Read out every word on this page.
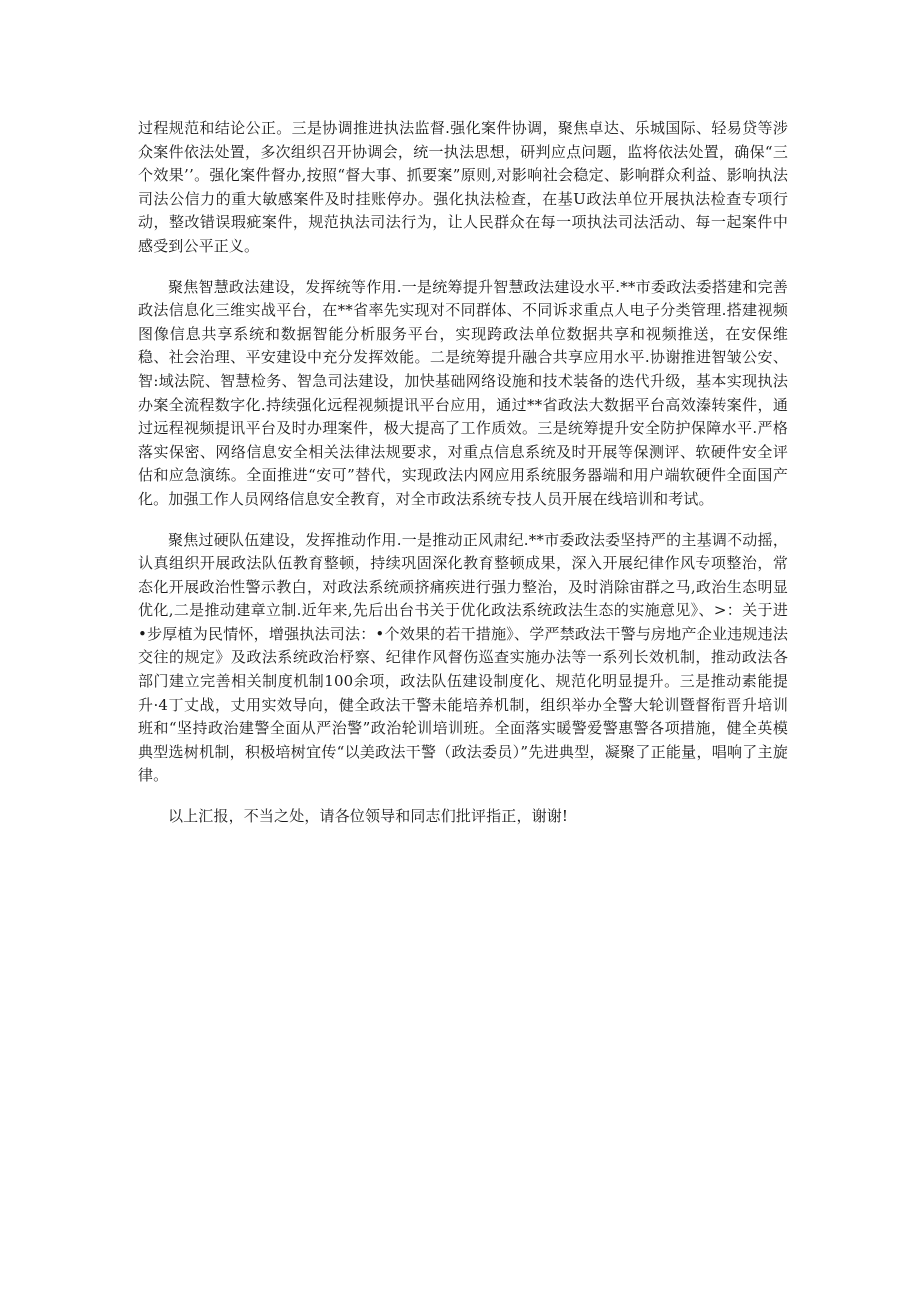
过程规范和结论公正。三是协调推进执法监督.强化案件协调，聚焦卓达、乐城国际、轻易贷等涉众案件依法处置，多次组织召开协调会，统一执法思想，研判应点问题，监将依法处置，确保“三个效果’’。强化案件督办,按照“督大事、抓要案”原则,对影响社会稳定、影响群众利益、影响执法司法公信力的重大敏感案件及时挂账停办。强化执法检查，在基U政法单位开展执法检查专项行动，整改错误瑕疵案件，规范执法司法行为，让人民群众在每一项执法司法活动、每一起案件中感受到公平正义。

聚焦智慧政法建设，发挥统等作用.一是统筹提升智慧政法建设水平.**市委政法委搭建和完善政法信息化三维实战平台，在**省率先实现对不同群体、不同诉求重点人电子分类管理.搭建视频图像信息共享系统和数据智能分析服务平台，实现跨政法单位数据共享和视频推送，在安保维稳、社会治理、平安建设中充分发挥效能。二是统筹提升融合共享应用水平.协谢推进智皱公安、智:域法院、智慧检务、智急司法建设，加快基础网络设施和技术装备的迭代升级，基本实现执法办案全流程数字化.持续强化远程视频提讯平台应用，通过**省政法大数据平台高效溱转案件，通过远程视频提讯平台及时办理案件，极大提高了工作质效。三是统筹提升安全防护保障水平.严格落实保密、网络信息安全相关法律法规要求，对重点信息系统及时开展等保测评、软硬件安全评估和应急演练。全面推进“安可”替代，实现政法内网应用系统服务器端和用户端软硬件全面国产化。加强工作人员网络信息安全教育，对全市政法系统专技人员开展在线培训和考试。

聚焦过硬队伍建设，发挥推动作用.一是推动正风肃纪.**市委政法委坚持严的主基调不动摇，认真组织开展政法队伍教育整顿，持续巩固深化教育整顿成果，深入开展纪律作风专项整治，常态化开展政治性警示教白，对政法系统顽挤痛疾进行强力整治，及时消除宙群之马,政治生态明显优化,二是推动建章立制.近年来,先后出台书关于优化政法系统政法生态的实施意见》、>：关于进•步厚植为民情怀，增强执法司法：•个效果的若干措施》、学严禁政法干警与房地产企业违规违法交往的规定》及政法系统政治杼察、纪律作风督伤巡查实施办法等一系列长效机制，推动政法各部门建立完善相关制度机制100余项，政法队伍建设制度化、规范化明显提升。三是推动素能提升·4丁丈战，丈用实效导向，健全政法干警未能培养机制，组织举办全警大轮训暨督衔晋升培训班和“坚持政治建警全面从严治警”政治轮训培训班。全面落实暖警爱警惠警各项措施，健全英模典型选树机制，积极培树宜传“以美政法干警（政法委员）”先进典型，凝聚了正能量，唱响了主旋律。

以上汇报，不当之处，请各位领导和同志们批评指正，谢谢!
